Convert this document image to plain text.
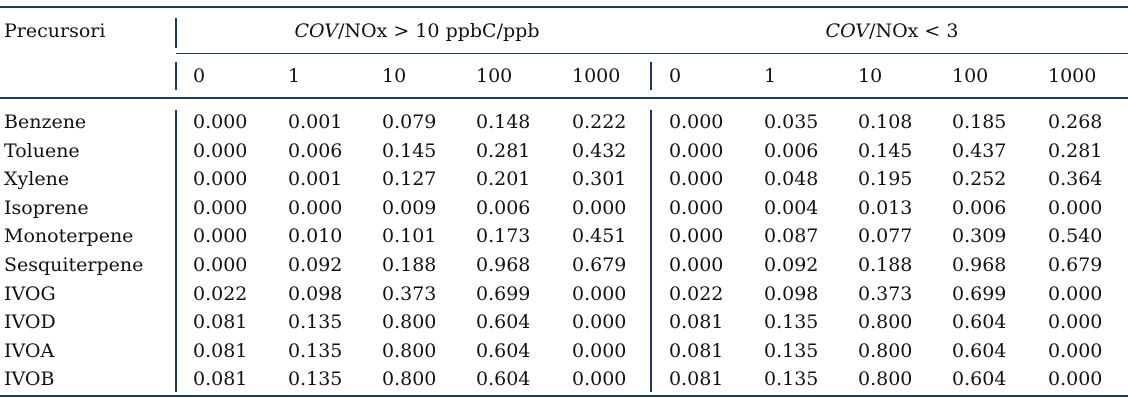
Precursori	COV/NOx > 10 ppbC/ppb	COV/NOx < 3
0	1	10	100	1000	0	1	10	100	1000
Benzene	0.000 0.001 0.079 0.148 0.222 0.000 0.035 0.108 0.185 0.268
Toluene	0.000 0.006 0.145 0.281 0.432 0.000 0.006 0.145 0.437 0.281
Xylene	0.000 0.001 0.127 0.201 0.301 0.000 0.048 0.195 0.252 0.364
Isoprene	0.000 0.000 0.009 0.006 0.000 0.000 0.004 0.013 0.006 0.000
Monoterpene	0.000 0.010 0.101 0.173 0.451 0.000 0.087 0.077 0.309 0.540
Sesquiterpene	0.000 0.092 0.188 0.968 0.679 0.000 0.092 0.188 0.968 0.679
IVOG	0.022 0.098 0.373 0.699 0.000 0.022 0.098 0.373 0.699 0.000
IVOD	0.081 0.135 0.800 0.604 0.000 0.081 0.135 0.800 0.604 0.000
IVOA	0.081 0.135 0.800 0.604 0.000 0.081 0.135 0.800 0.604 0.000
IVOB	0.081 0.135 0.800 0.604 0.000 0.081 0.135 0.800 0.604 0.000
